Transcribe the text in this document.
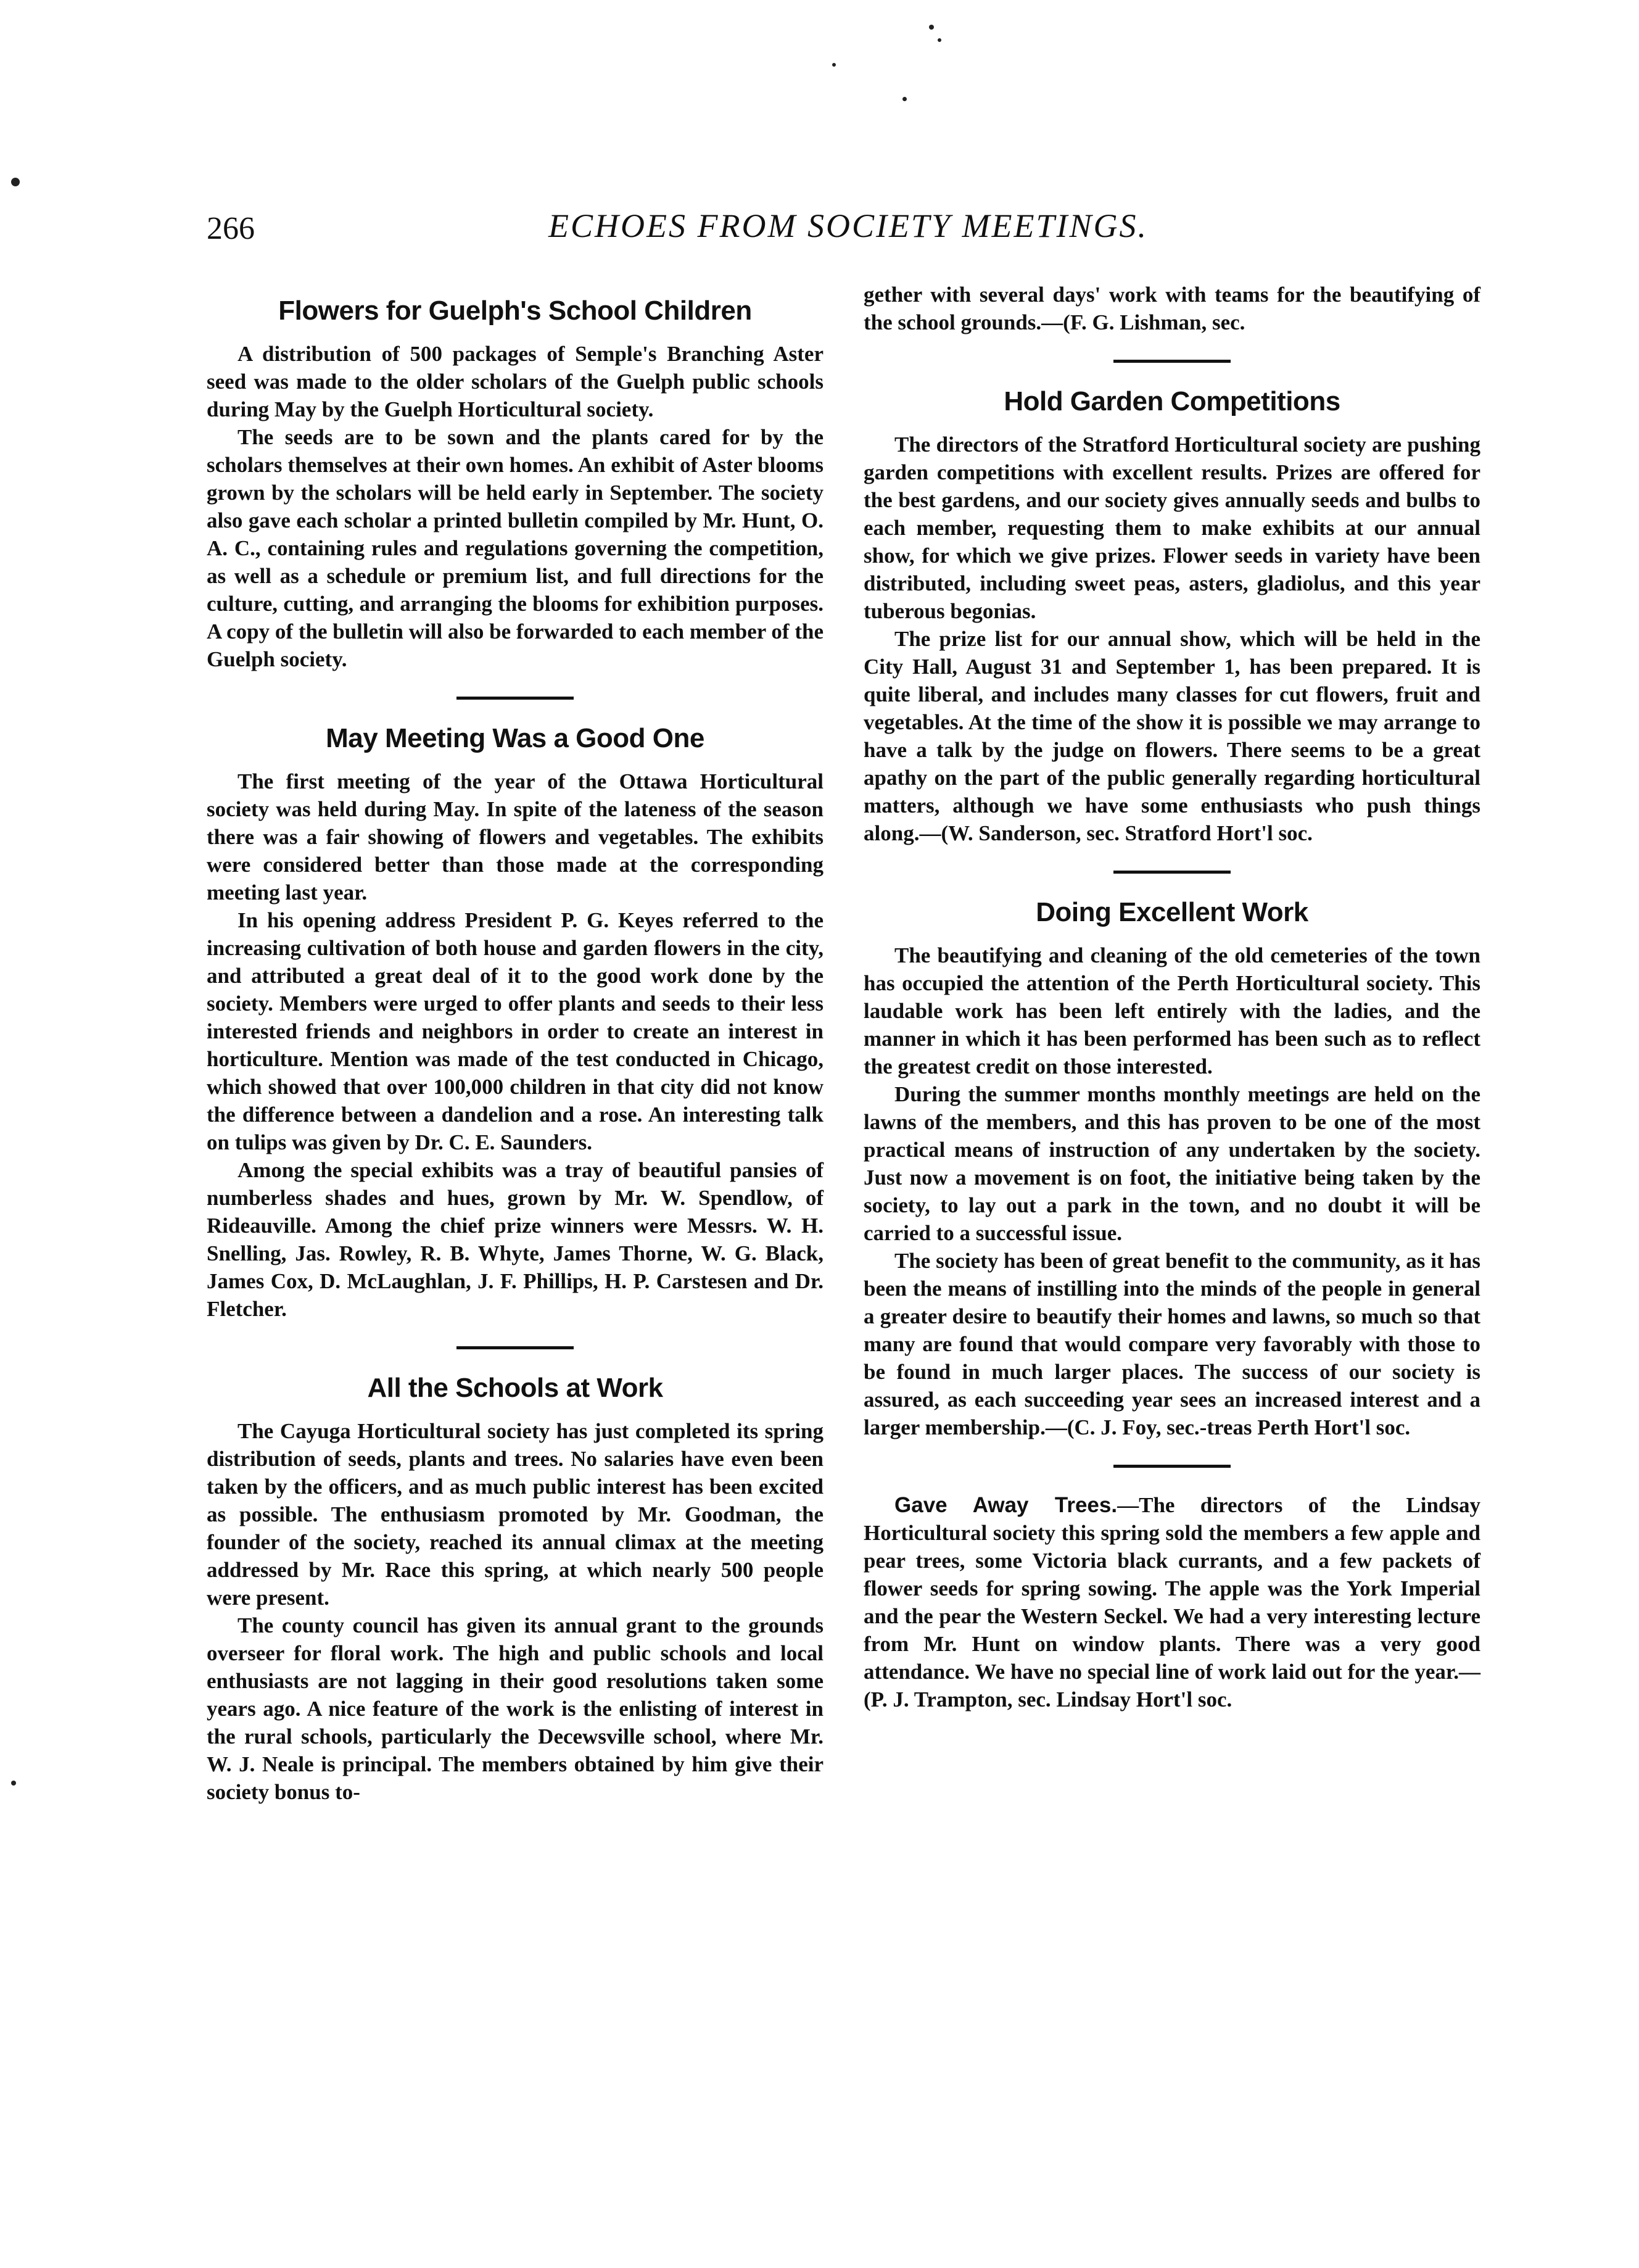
266	ECHOES FROM SOCIETY MEETINGS.
Flowers for Guelph's School Children

A distribution of 500 packages of Semple's Branching Aster seed was made to the older scholars of the Guelph public schools during May by the Guelph Horticultural society.

The seeds are to be sown and the plants cared for by the scholars themselves at their own homes. An exhibit of Aster blooms grown by the scholars will be held early in September. The society also gave each scholar a printed bulletin compiled by Mr. Hunt, O. A. C., containing rules and regulations governing the competition, as well as a schedule or premium list, and full directions for the culture, cutting, and arranging the blooms for exhibition purposes. A copy of the bulletin will also be forwarded to each member of the Guelph society.

May Meeting Was a Good One

The first meeting of the year of the Ottawa Horticultural society was held during May. In spite of the lateness of the season there was a fair showing of flowers and vegetables. The exhibits were considered better than those made at the corresponding meeting last year.

In his opening address President P. G. Keyes referred to the increasing cultivation of both house and garden flowers in the city, and attributed a great deal of it to the good work done by the society. Members were urged to offer plants and seeds to their less interested friends and neighbors in order to create an interest in horticulture. Mention was made of the test conducted in Chicago, which showed that over 100,000 children in that city did not know the difference between a dandelion and a rose. An interesting talk on tulips was given by Dr. C. E. Saunders.

Among the special exhibits was a tray of beautiful pansies of numberless shades and hues, grown by Mr. W. Spendlow, of Rideauville. Among the chief prize winners were Messrs. W. H. Snelling, Jas. Rowley, R. B. Whyte, James Thorne, W. G. Black, James Cox, D. McLaughlan, J. F. Phillips, H. P. Carstesen and Dr. Fletcher.

All the Schools at Work

The Cayuga Horticultural society has just completed its spring distribution of seeds, plants and trees. No salaries have even been taken by the officers, and as much public interest has been excited as possible. The enthusiasm promoted by Mr. Goodman, the founder of the society, reached its annual climax at the meeting addressed by Mr. Race this spring, at which nearly 500 people were present.

The county council has given its annual grant to the grounds overseer for floral work. The high and public schools and local enthusiasts are not lagging in their good resolutions taken some years ago. A nice feature of the work is the enlisting of interest in the rural schools, particularly the Decewsville school, where Mr. W. J. Neale is principal. The members obtained by him give their society bonus to-

gether with several days' work with teams for the beautifying of the school grounds.—(F. G. Lishman, sec.

Hold Garden Competitions

The directors of the Stratford Horticultural society are pushing garden competitions with excellent results. Prizes are offered for the best gardens, and our society gives annually seeds and bulbs to each member, requesting them to make exhibits at our annual show, for which we give prizes. Flower seeds in variety have been distributed, including sweet peas, asters, gladiolus, and this year tuberous begonias.

The prize list for our annual show, which will be held in the City Hall, August 31 and September 1, has been prepared. It is quite liberal, and includes many classes for cut flowers, fruit and vegetables. At the time of the show it is possible we may arrange to have a talk by the judge on flowers. There seems to be a great apathy on the part of the public generally regarding horticultural matters, although we have some enthusiasts who push things along.—(W. Sanderson, sec. Stratford Hort'l soc.

Doing Excellent Work

The beautifying and cleaning of the old cemeteries of the town has occupied the attention of the Perth Horticultural society. This laudable work has been left entirely with the ladies, and the manner in which it has been performed has been such as to reflect the greatest credit on those interested.

During the summer months monthly meetings are held on the lawns of the members, and this has proven to be one of the most practical means of instruction of any undertaken by the society. Just now a movement is on foot, the initiative being taken by the society, to lay out a park in the town, and no doubt it will be carried to a successful issue.

The society has been of great benefit to the community, as it has been the means of instilling into the minds of the people in general a greater desire to beautify their homes and lawns, so much so that many are found that would compare very favorably with those to be found in much larger places. The success of our society is assured, as each succeeding year sees an increased interest and a larger membership.—(C. J. Foy, sec.-treas Perth Hort'l soc.

Gave Away Trees.—The directors of the Lindsay Horticultural society this spring sold the members a few apple and pear trees, some Victoria black currants, and a few packets of flower seeds for spring sowing. The apple was the York Imperial and the pear the Western Seckel. We had a very interesting lecture from Mr. Hunt on window plants. There was a very good attendance. We have no special line of work laid out for the year.—(P. J. Trampton, sec. Lindsay Hort'l soc.
